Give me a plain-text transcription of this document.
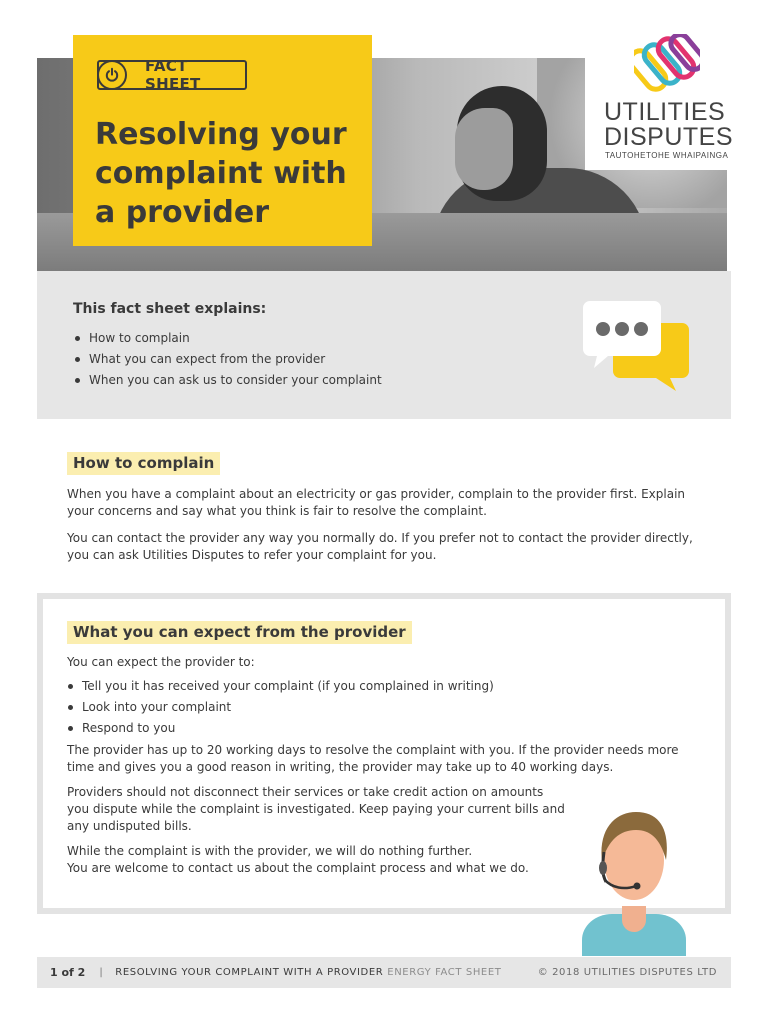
FACT SHEET
Resolving your complaint with a provider
UTILITIES
DISPUTES
TAUTOHETOHE WHAIPAINGA
This fact sheet explains:
How to complain
What you can expect from the provider
When you can ask us to consider your complaint
How to complain

When you have a complaint about an electricity or gas provider, complain to the provider first. Explain your concerns and say what you think is fair to resolve the complaint.

You can contact the provider any way you normally do. If you prefer not to contact the provider directly, you can ask Utilities Disputes to refer your complaint for you.

What you can expect from the provider

You can expect the provider to:

Tell you it has received your complaint (if you complained in writing)
Look into your complaint
Respond to you

The provider has up to 20 working days to resolve the complaint with you. If the provider needs more time and gives you a good reason in writing, the provider may take up to 40 working days.

Providers should not disconnect their services or take credit action on amounts you dispute while the complaint is investigated. Keep paying your current bills and any undisputed bills.

While the complaint is with the provider, we will do nothing further.
You are welcome to contact us about the complaint process and what we do.

1 of 2 | RESOLVING YOUR COMPLAINT WITH A PROVIDER ENERGY FACT SHEET	© 2018 UTILITIES DISPUTES LTD
